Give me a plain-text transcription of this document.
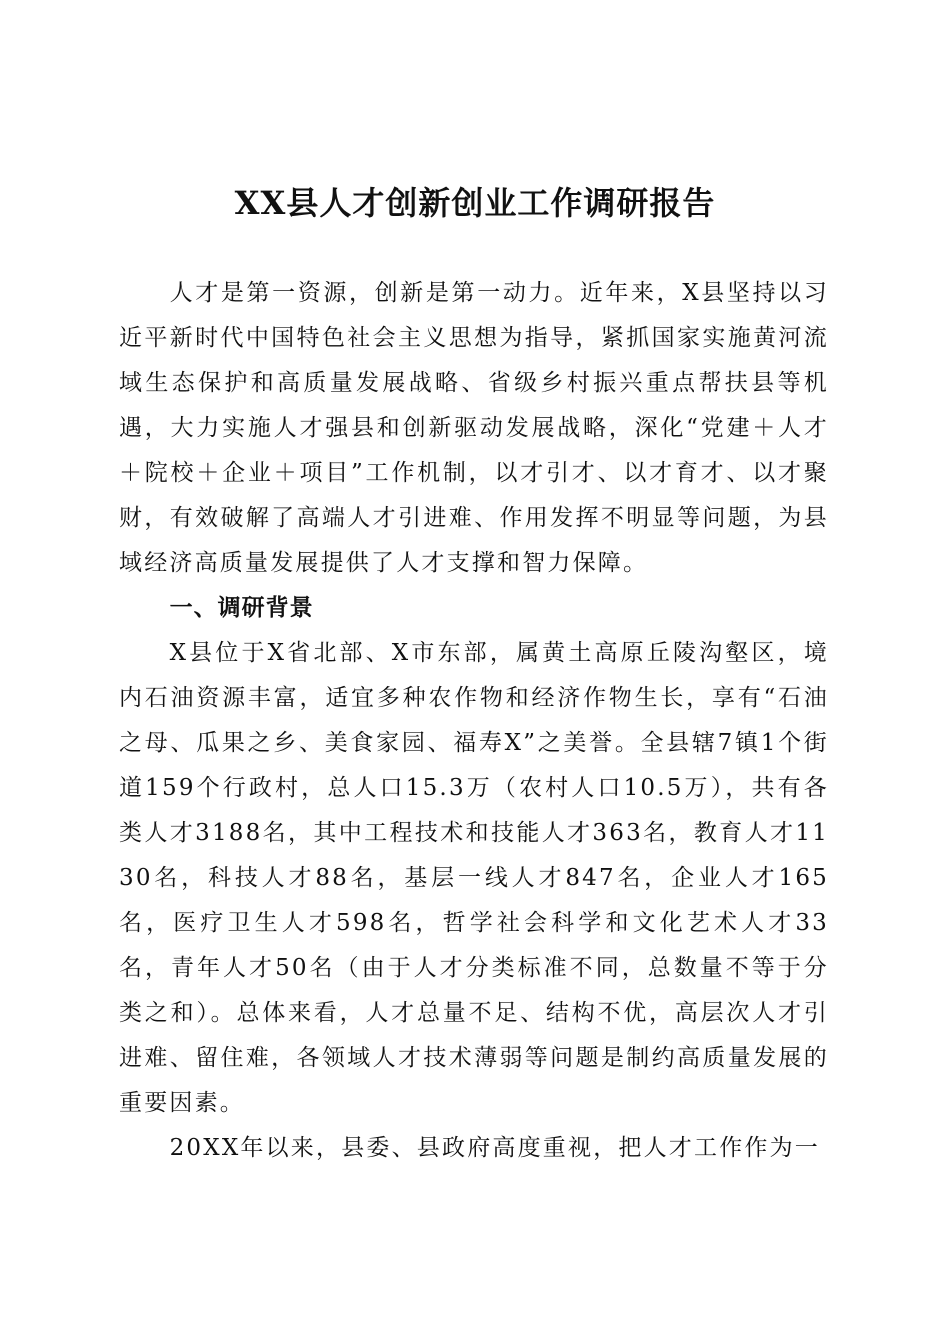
XX县人才创新创业工作调研报告

人才是第一资源，创新是第一动力。近年来，X县坚持以习近平新时代中国特色社会主义思想为指导，紧抓国家实施黄河流域生态保护和高质量发展战略、省级乡村振兴重点帮扶县等机遇，大力实施人才强县和创新驱动发展战略，深化“党建＋人才＋院校＋企业＋项目”工作机制，以才引才、以才育才、以才聚财，有效破解了高端人才引进难、作用发挥不明显等问题，为县域经济高质量发展提供了人才支撑和智力保障。

一、调研背景

X县位于X省北部、X市东部，属黄土高原丘陵沟壑区，境内石油资源丰富，适宜多种农作物和经济作物生长，享有“石油之母、瓜果之乡、美食家园、福寿X”之美誉。全县辖7镇1个街道159个行政村，总人口15.3万（农村人口10.5万），共有各类人才3188名，其中工程技术和技能人才363名，教育人才1130名，科技人才88名，基层一线人才847名，企业人才165名，医疗卫生人才598名，哲学社会科学和文化艺术人才33名，青年人才50名（由于人才分类标准不同，总数量不等于分类之和）。总体来看，人才总量不足、结构不优，高层次人才引进难、留住难，各领域人才技术薄弱等问题是制约高质量发展的重要因素。

20XX年以来，县委、县政府高度重视，把人才工作作为一
